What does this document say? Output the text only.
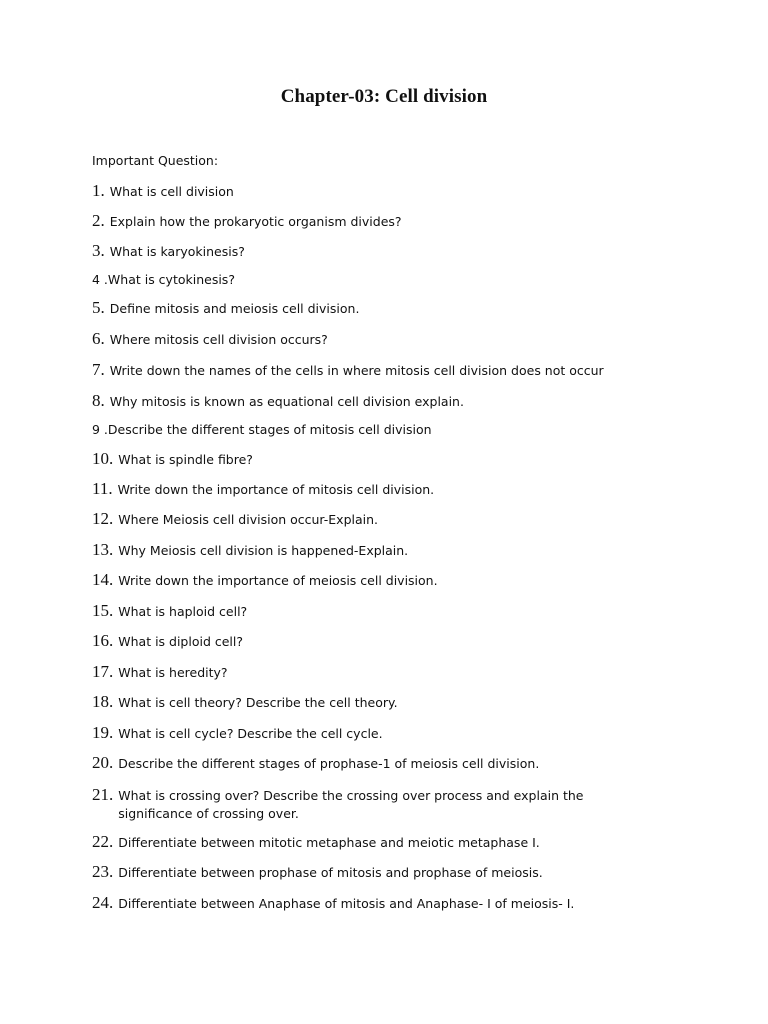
Chapter-03: Cell division
Important Question:
1. What is cell division
2. Explain how the prokaryotic organism divides?
3. What is karyokinesis?
4 . What is cytokinesis?
5. Define mitosis and meiosis cell division.
6. Where mitosis cell division occurs?
7. Write down the names of the cells in where mitosis cell division does not occur
8. Why mitosis is known as equational cell division explain.
9 . Describe the different stages of mitosis cell division
10. What is spindle fibre?
11. Write down the importance of mitosis cell division.
12. Where Meiosis cell division occur-Explain.
13. Why Meiosis cell division is happened-Explain.
14. Write down the importance of meiosis cell division.
15. What is haploid cell?
16. What is diploid cell?
17. What is heredity?
18. What is cell theory? Describe the cell theory.
19. What is cell cycle? Describe the cell cycle.
20. Describe the different stages of prophase-1 of meiosis cell division.
21. What is crossing over? Describe the crossing over process and explain the significance of crossing over.
22. Differentiate between mitotic metaphase and meiotic metaphase I.
23. Differentiate between prophase of mitosis and prophase of meiosis.
24. Differentiate between Anaphase of mitosis and Anaphase- I of meiosis- I.
